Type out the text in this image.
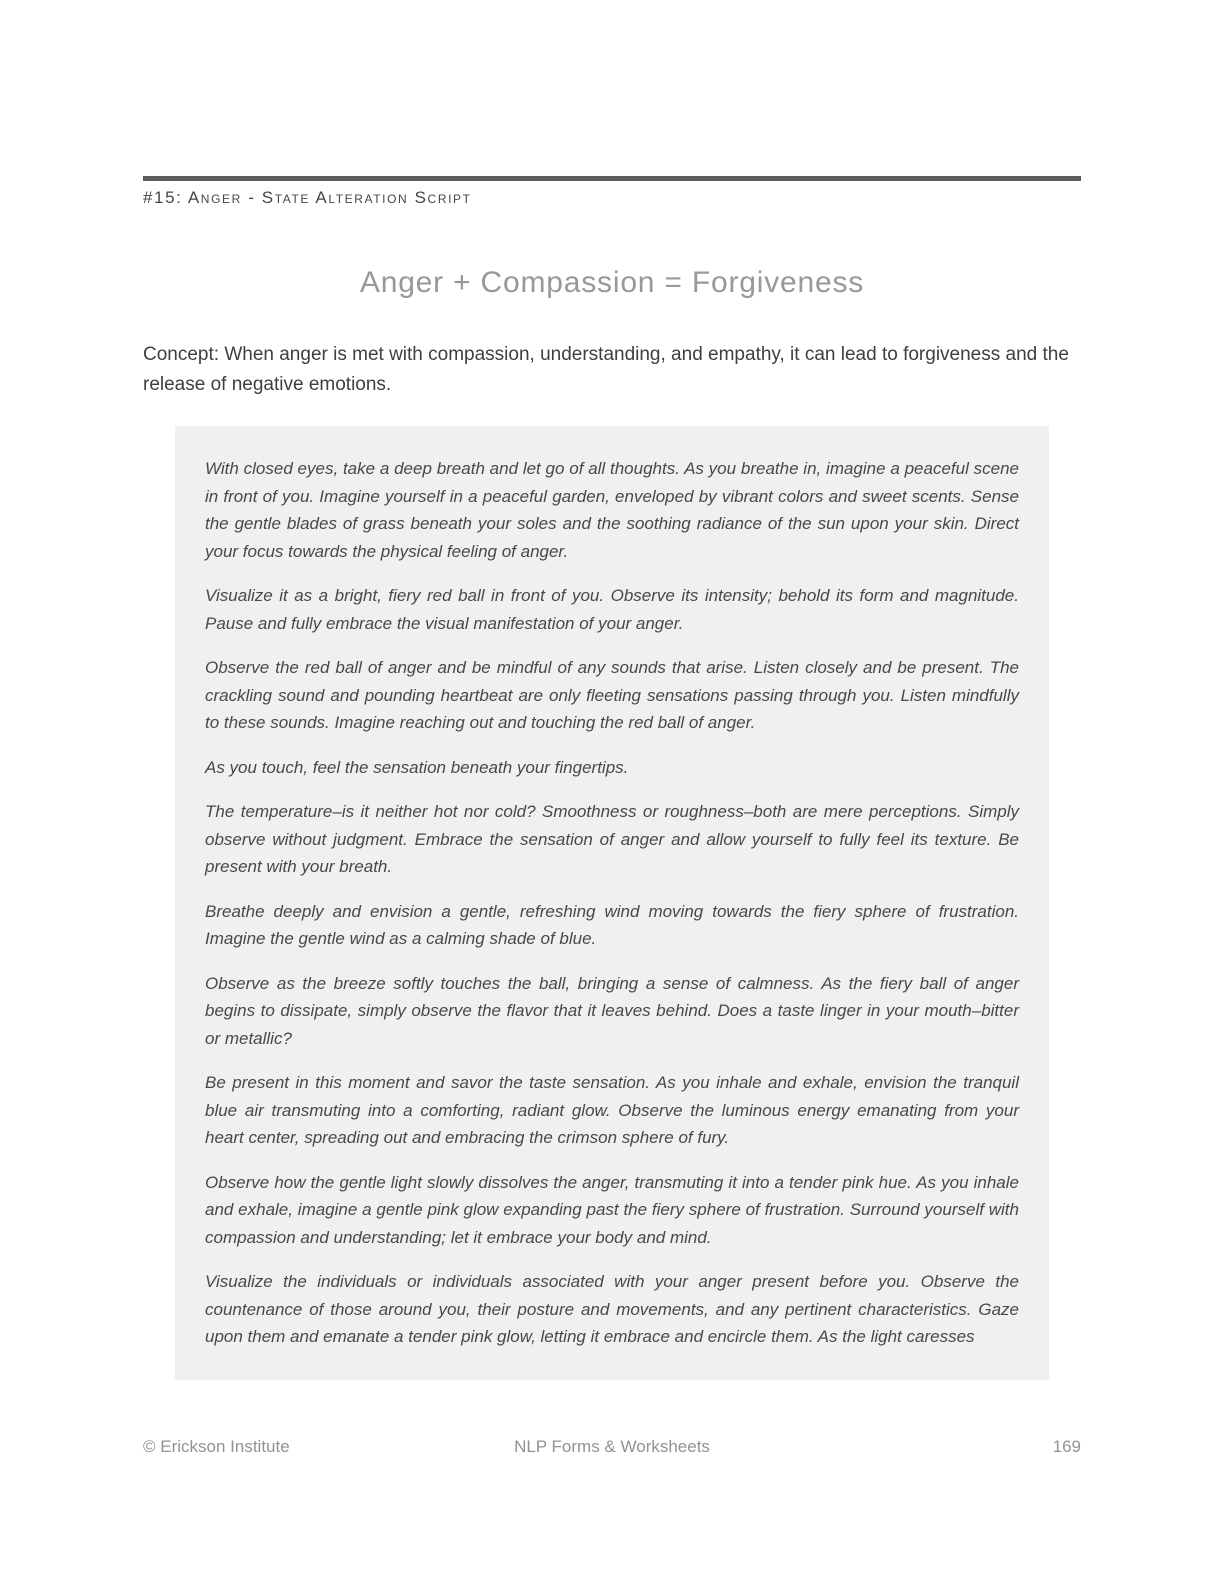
#15: Anger - State Alteration Script
Anger + Compassion = Forgiveness

Concept: When anger is met with compassion, understanding, and empathy, it can lead to forgiveness and the release of negative emotions.

With closed eyes, take a deep breath and let go of all thoughts. As you breathe in, imagine a peaceful scene in front of you. Imagine yourself in a peaceful garden, enveloped by vibrant colors and sweet scents. Sense the gentle blades of grass beneath your soles and the soothing radiance of the sun upon your skin. Direct your focus towards the physical feeling of anger.

Visualize it as a bright, fiery red ball in front of you. Observe its intensity; behold its form and magnitude. Pause and fully embrace the visual manifestation of your anger.

Observe the red ball of anger and be mindful of any sounds that arise. Listen closely and be present. The crackling sound and pounding heartbeat are only fleeting sensations passing through you. Listen mindfully to these sounds. Imagine reaching out and touching the red ball of anger.

As you touch, feel the sensation beneath your fingertips.

The temperature–is it neither hot nor cold? Smoothness or roughness–both are mere perceptions. Simply observe without judgment. Embrace the sensation of anger and allow yourself to fully feel its texture. Be present with your breath.

Breathe deeply and envision a gentle, refreshing wind moving towards the fiery sphere of frustration. Imagine the gentle wind as a calming shade of blue.

Observe as the breeze softly touches the ball, bringing a sense of calmness. As the fiery ball of anger begins to dissipate, simply observe the flavor that it leaves behind. Does a taste linger in your mouth–bitter or metallic?

Be present in this moment and savor the taste sensation. As you inhale and exhale, envision the tranquil blue air transmuting into a comforting, radiant glow. Observe the luminous energy emanating from your heart center, spreading out and embracing the crimson sphere of fury.

Observe how the gentle light slowly dissolves the anger, transmuting it into a tender pink hue. As you inhale and exhale, imagine a gentle pink glow expanding past the fiery sphere of frustration. Surround yourself with compassion and understanding; let it embrace your body and mind.

Visualize the individuals or individuals associated with your anger present before you. Observe the countenance of those around you, their posture and movements, and any pertinent characteristics. Gaze upon them and emanate a tender pink glow, letting it embrace and encircle them. As the light caresses

© Erickson Institute	NLP Forms & Worksheets	169
